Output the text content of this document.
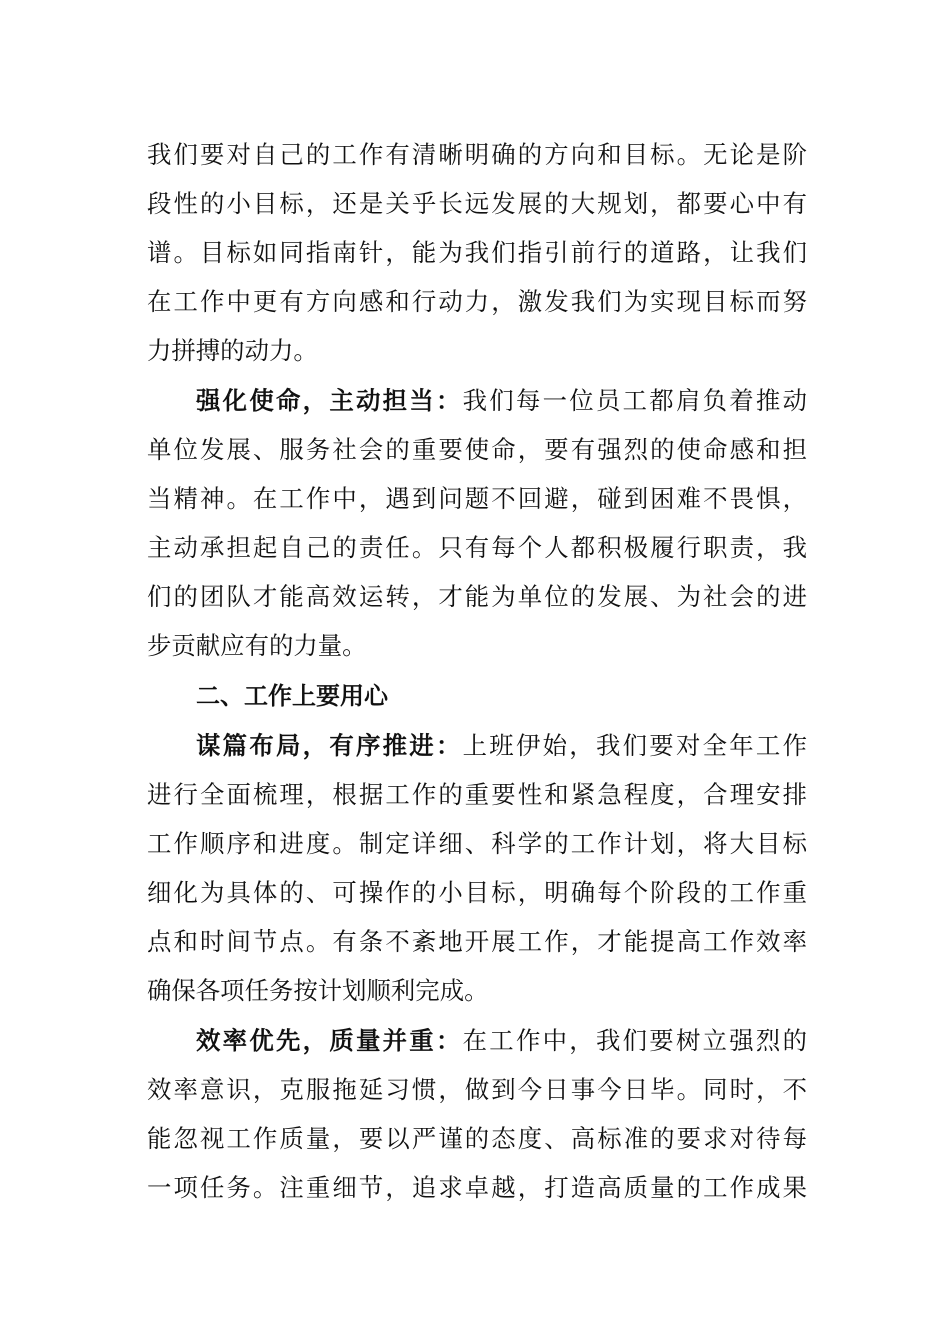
我们要对自己的工作有清晰明确的方向和目标。无论是阶
段性的小目标，还是关乎长远发展的大规划，都要心中有
谱。目标如同指南针，能为我们指引前行的道路，让我们
在工作中更有方向感和行动力，激发我们为实现目标而努
力拼搏的动力。
强化使命，主动担当：我们每一位员工都肩负着推动
单位发展、服务社会的重要使命，要有强烈的使命感和担
当精神。在工作中，遇到问题不回避，碰到困难不畏惧，
主动承担起自己的责任。只有每个人都积极履行职责，我
们的团队才能高效运转，才能为单位的发展、为社会的进
步贡献应有的力量。
二、工作上要用心
谋篇布局，有序推进：上班伊始，我们要对全年工作
进行全面梳理，根据工作的重要性和紧急程度，合理安排
工作顺序和进度。制定详细、科学的工作计划，将大目标
细化为具体的、可操作的小目标，明确每个阶段的工作重
点和时间节点。有条不紊地开展工作，才能提高工作效率
确保各项任务按计划顺利完成。
效率优先，质量并重：在工作中，我们要树立强烈的
效率意识，克服拖延习惯，做到今日事今日毕。同时，不
能忽视工作质量，要以严谨的态度、高标准的要求对待每
一项任务。注重细节，追求卓越，打造高质量的工作成果
